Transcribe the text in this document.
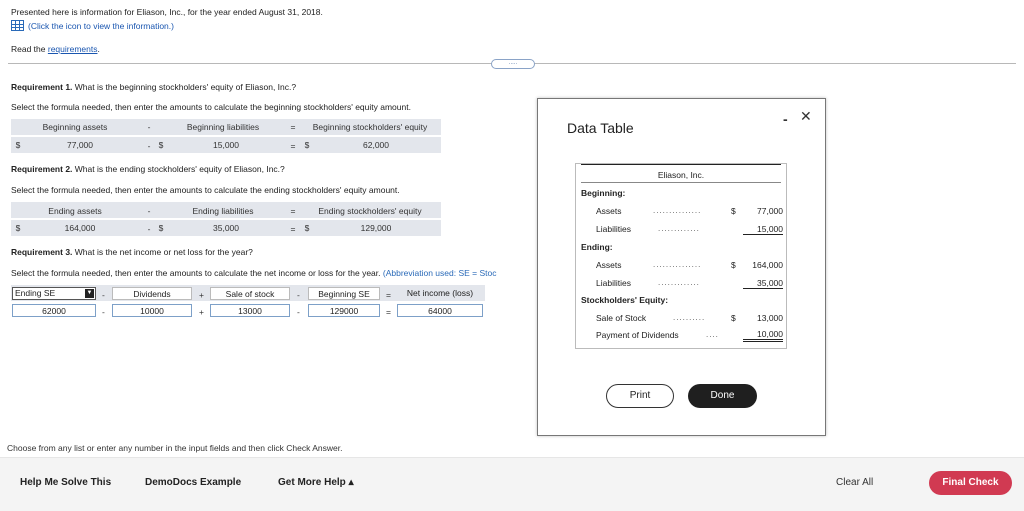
Presented here is information for Eliason, Inc., for the year ended August 31, 2018.
(Click the icon to view the information.)
Read the requirements.
.....
Requirement 1. What is the beginning stockholders' equity of Eliason, Inc.?
Select the formula needed, then enter the amounts to calculate the beginning stockholders' equity amount.
Beginning assets	-	Beginning liabilities	=	Beginning stockholders' equity
$	77,000	- $	15,000	=	$	62,000
Requirement 2. What is the ending stockholders' equity of Eliason, Inc.?
Select the formula needed, then enter the amounts to calculate the ending stockholders' equity amount.
Ending assets	-	Ending liabilities	=	Ending stockholders' equity
$	164,000	- $	35,000	=	$	129,000
Requirement 3. What is the net income or net loss for the year?
Select the formula needed, then enter the amounts to calculate the net income or loss for the year. (Abbreviation used: SE = Stoc
Ending SE	▼ -	Dividends	+	Sale of stock	-	Beginning SE	=	Net income (loss)
62000	-	10000	+	13000	-	129000	=	64000
Choose from any list or enter any number in the input fields and then click Check Answer.
Help Me Solve This	DemoDocs Example	Get More Help ▴	Clear All	Final Check
Data Table
- ✕
Eliason, Inc.
Beginning:
Assets	...............	$	77,000
Liabilities	.............	15,000
Ending:
Assets	...............	$	164,000
Liabilities	.............	35,000
Stockholders' Equity:
Sale of Stock	..........	$	13,000
Payment of Dividends	....	10,000
Print	Done
